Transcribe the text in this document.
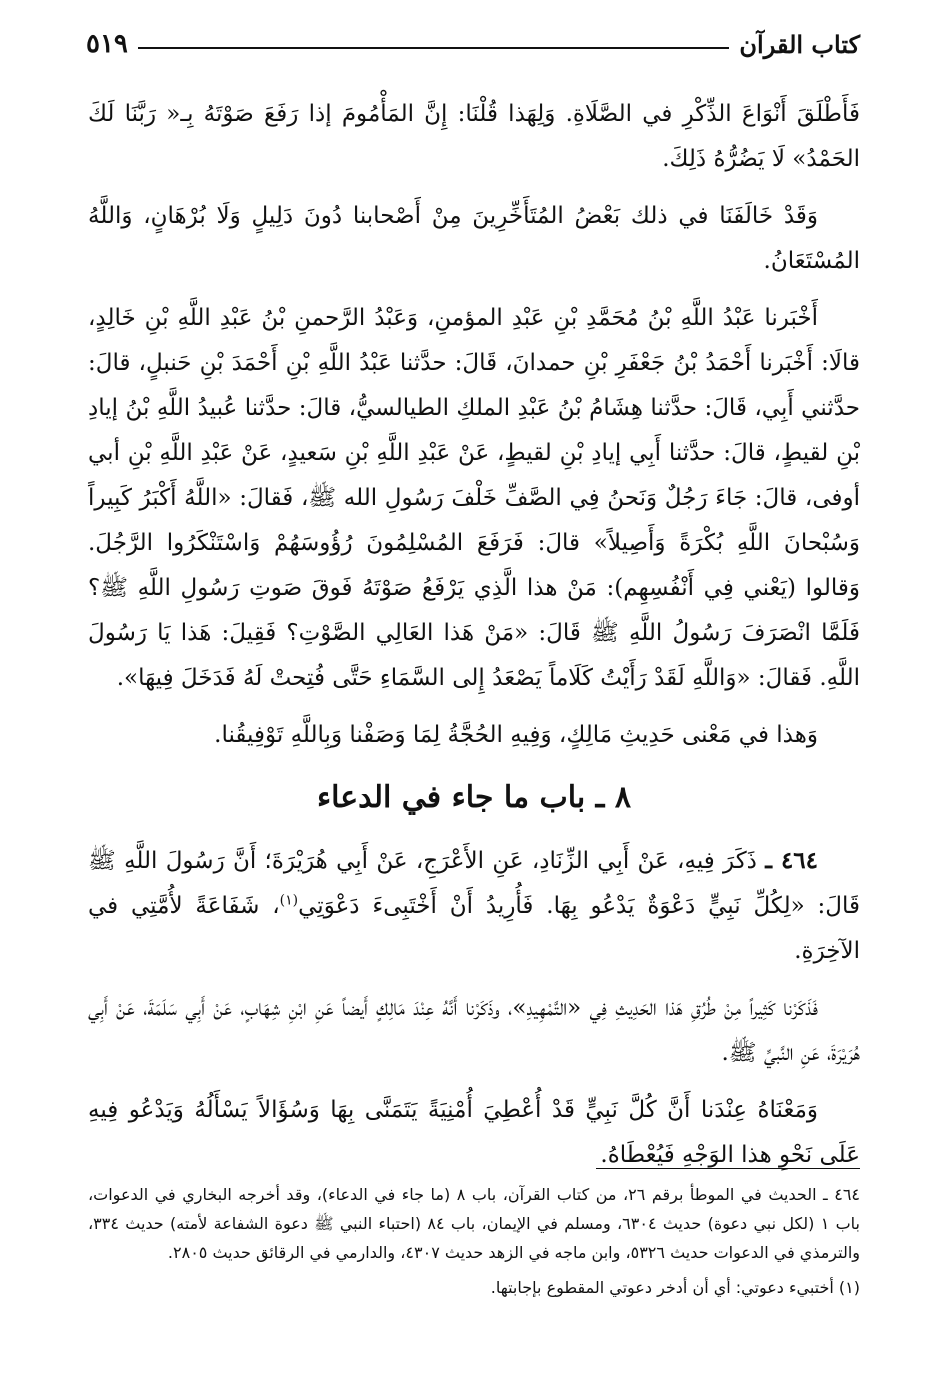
كتاب القرآن
٥١٩

فَأَطْلَقَ أَنْوَاعَ الذِّكْرِ في الصَّلَاةِ. وَلِهَذا قُلْنَا: إِنَّ المَأْمُومَ إذا رَفَعَ صَوْتَهُ بِـ« رَبَّنَا لَكَ الحَمْدُ» لَا يَضُرُّهُ ذَلِكَ.

وَقَدْ خَالَفَنَا في ذلك بَعْضُ المُتَأَخِّرِينَ مِنْ أَصْحابنا دُونَ دَلِيلٍ وَلَا بُرْهَانٍ، وَاللَّهُ المُسْتَعَانُ.

أَخْبَرنا عَبْدُ اللَّهِ بْنُ مُحَمَّدِ بْنِ عَبْدِ المؤمنِ، وَعَبْدُ الرَّحمنِ بْنُ عَبْدِ اللَّهِ بْنِ خَالِدٍ، قالَا: أَخْبَرنا أَحْمَدُ بْنُ جَعْفَرِ بْنِ حمدانَ، قَالَ: حدَّثنا عَبْدُ اللَّهِ بْنِ أَحْمَدَ بْنِ حَنبلٍ، قالَ: حدَّثني أَبِي، قَالَ: حدَّثنا هِشَامُ بْنُ عَبْدِ الملكِ الطيالسيُّ، قالَ: حدَّثنا عُبيدُ اللَّهِ بْنُ إيادِ بْنِ لقيطٍ، قالَ: حدَّثنا أَبِي إيادِ بْنِ لقيطٍ، عَنْ عَبْدِ اللَّهِ بْنِ سَعيدٍ، عَنْ عَبْدِ اللَّهِ بْنِ أبي أوفى، قالَ: جَاءَ رَجُلٌ وَنَحنُ فِي الصَّفِّ خَلْفَ رَسُولِ الله ﷺ، فَقالَ: «اللَّهُ أَكْبَرُ كَبِيراً وَسُبْحانَ اللَّهِ بُكْرَةً وَأَصِيلاً» قالَ: فَرَفَعَ المُسْلِمُونَ رُؤُوسَهُمْ وَاسْتَنْكَرُوا الرَّجُلَ. وَقالوا (يَعْني فِي أَنْفُسِهِم): مَنْ هذا الَّذِي يَرْفَعُ صَوْتَهُ فَوقَ صَوتِ رَسُولِ اللَّهِ ﷺ؟ فَلَمَّا انْصَرَفَ رَسُولُ اللَّهِ ﷺ قَالَ: «مَنْ هَذا العَالِي الصَّوْتِ؟ فَقِيلَ: هَذا يَا رَسُولَ اللَّهِ. فَقالَ: «وَاللَّهِ لَقَدْ رَأَيْتُ كَلَاماً يَصْعَدُ إِلى السَّمَاءِ حَتَّى فُتِحتْ لَهُ فَدَخَلَ فِيهَا».

وَهذا في مَعْنى حَدِيثِ مَالِكٍ، وَفِيهِ الحُجَّةُ لِمَا وَصَفْنا وَبِاللَّهِ تَوْفِيقُنا.

٨ ـ باب ما جاء في الدعاء

٤٦٤ ـ ذَكَرَ فِيهِ، عَنْ أَبِي الزِّنَادِ، عَنِ الأَعْرَجِ، عَنْ أَبِي هُرَيْرَةَ؛ أَنَّ رَسُولَ اللَّهِ ﷺ قَالَ: «لِكُلِّ نَبِيٍّ دَعْوَةٌ يَدْعُو بِهَا. فَأُرِيدُ أَنْ أَخْتَبِىءَ دَعْوَتِي$^{(١)}$، شَفَاعَةً لأُمَّتِي في الآخِرَةِ.

فَذَكَرْنا كَثِيراً مِنْ طُرُقِ هَذا الحَدِيثِ فِي «التَّمْهِيدِ»، وذَكَرْنا أَنَّهُ عِنْدَ مَالِكٍ أَيضاً عَنِ ابْنِ شِهَابٍ، عَنْ أَبِي سَلَمَةَ، عَنْ أَبِي هُرَيْرَةَ، عَنِ النَّبيِّ ﷺ.

وَمَعْنَاهُ عِنْدَنا أَنَّ كُلَّ نَبِيٍّ قَدْ أُعْطِيَ أُمْنِيَةً يَتَمَنَّى بِهَا وَسُؤَالاً يَسْأَلُهُ وَيَدْعُو فِيهِ عَلَى نَحْوِ هذا الوَجْهِ فَيُعْطَاهُ.

٤٦٤ ـ الحديث في الموطأ برقم ٢٦، من كتاب القرآن، باب ٨ (ما جاء في الدعاء)، وقد أخرجه البخاري في الدعوات، باب ١ (لكل نبي دعوة) حديث ٦٣٠٤، ومسلم في الإيمان، باب ٨٤ (احتباء النبي ﷺ دعوة الشفاعة لأمته) حديث ٣٣٤، والترمذي في الدعوات حديث ٥٣٢٦، وابن ماجه في الزهد حديث ٤٣٠٧، والدارمي في الرقائق حديث ٢٨٠٥.

(١) أختبيء دعوتي: أي أن أدخر دعوتي المقطوع بإجابتها.
